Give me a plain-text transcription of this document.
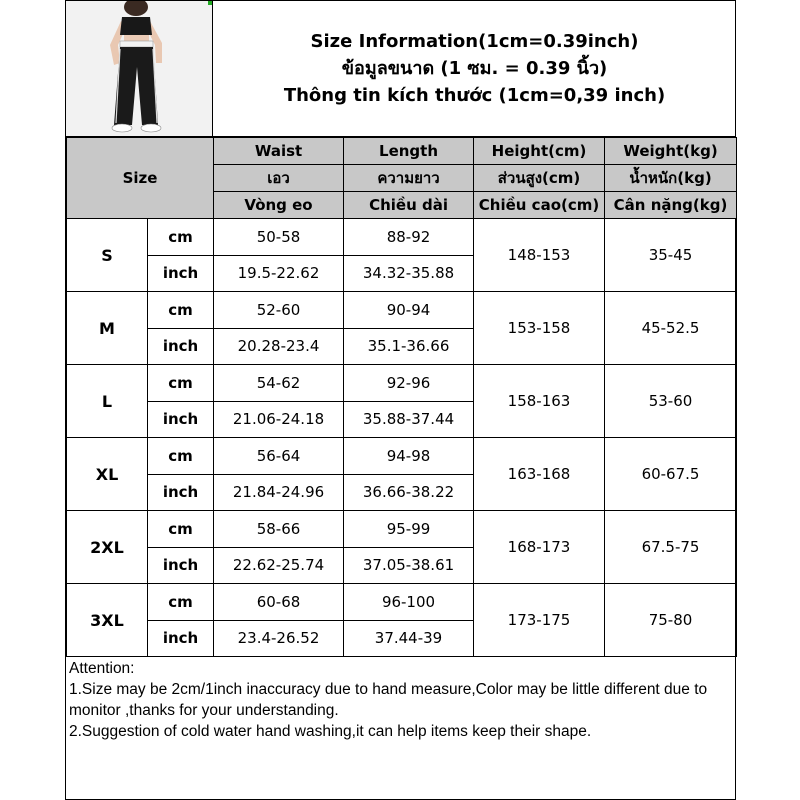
Size Information(1cm=0.39inch)
ข้อมูลขนาด (1 ซม. = 0.39 นิ้ว)
Thông tin kích thước (1cm=0,39 inch)
Size		Waist	Length	Height(cm)	Weight(kg)
		เอว	ความยาว	ส่วนสูง(cm)	น้ำหนัก(kg)
		Vòng eo	Chiều dài	Chiều cao(cm)	Cân nặng(kg)
S	cm	50-58	88-92	148-153	35-45
	inch	19.5-22.62	34.32-35.88		
M	cm	52-60	90-94	153-158	45-52.5
	inch	20.28-23.4	35.1-36.66		
L	cm	54-62	92-96	158-163	53-60
	inch	21.06-24.18	35.88-37.44		
XL	cm	56-64	94-98	163-168	60-67.5
	inch	21.84-24.96	36.66-38.22		
2XL	cm	58-66	95-99	168-173	67.5-75
	inch	22.62-25.74	37.05-38.61		
3XL	cm	60-68	96-100	173-175	75-80
	inch	23.4-26.52	37.44-39		

Attention:

1.Size may be 2cm/1inch inaccuracy due to hand measure,Color may be little different due to monitor ,thanks for your understanding.

2.Suggestion of cold water hand washing,it can help items keep their shape.
